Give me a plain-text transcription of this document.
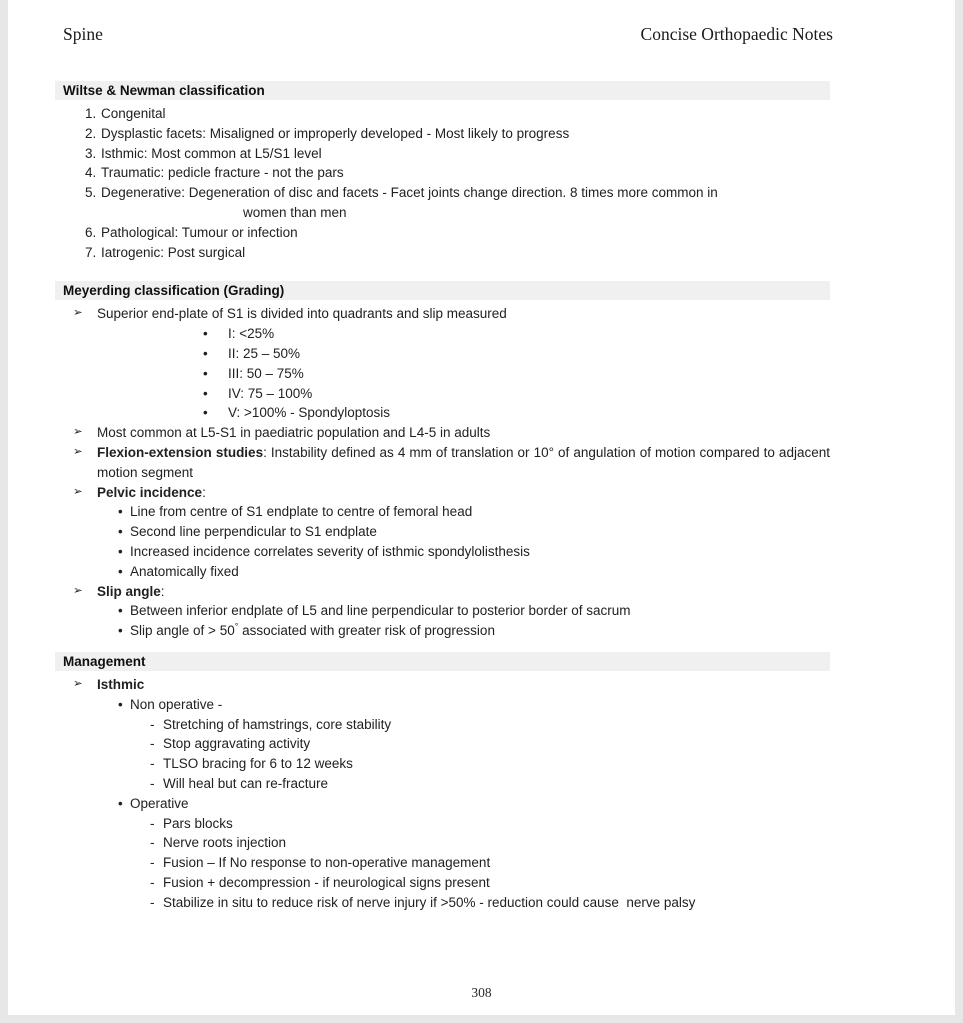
Spine	Concise Orthopaedic Notes
Wiltse & Newman classification
1. Congenital
2. Dysplastic facets: Misaligned or improperly developed - Most likely to progress
3. Isthmic: Most common at L5/S1 level
4. Traumatic: pedicle fracture - not the pars
5. Degenerative: Degeneration of disc and facets - Facet joints change direction. 8 times more common in
women than men
6. Pathological: Tumour or infection
7. Iatrogenic: Post surgical
Meyerding classification (Grading)
➢	Superior end-plate of S1 is divided into quadrants and slip measured
•	I: <25%
•	II: 25 – 50%
•	III: 50 – 75%
•	IV: 75 – 100%
•	V: >100% - Spondyloptosis
➢	Most common at L5-S1 in paediatric population and L4-5 in adults
➢	Flexion-extension studies: Instability defined as 4 mm of translation or 10° of angulation of motion compared to adjacent motion segment
➢	Pelvic incidence:
• Line from centre of S1 endplate to centre of femoral head
• Second line perpendicular to S1 endplate
• Increased incidence correlates severity of isthmic spondylolisthesis
• Anatomically fixed
➢	Slip angle:
• Between inferior endplate of L5 and line perpendicular to posterior border of sacrum
• Slip angle of > 50° associated with greater risk of progression
Management
➢	Isthmic
• Non operative -
- Stretching of hamstrings, core stability
- Stop aggravating activity
- TLSO bracing for 6 to 12 weeks
- Will heal but can re-fracture
• Operative
- Pars blocks
- Nerve roots injection
- Fusion – If No response to non-operative management
- Fusion + decompression - if neurological signs present
- Stabilize in situ to reduce risk of nerve injury if >50% - reduction could cause  nerve palsy
308
